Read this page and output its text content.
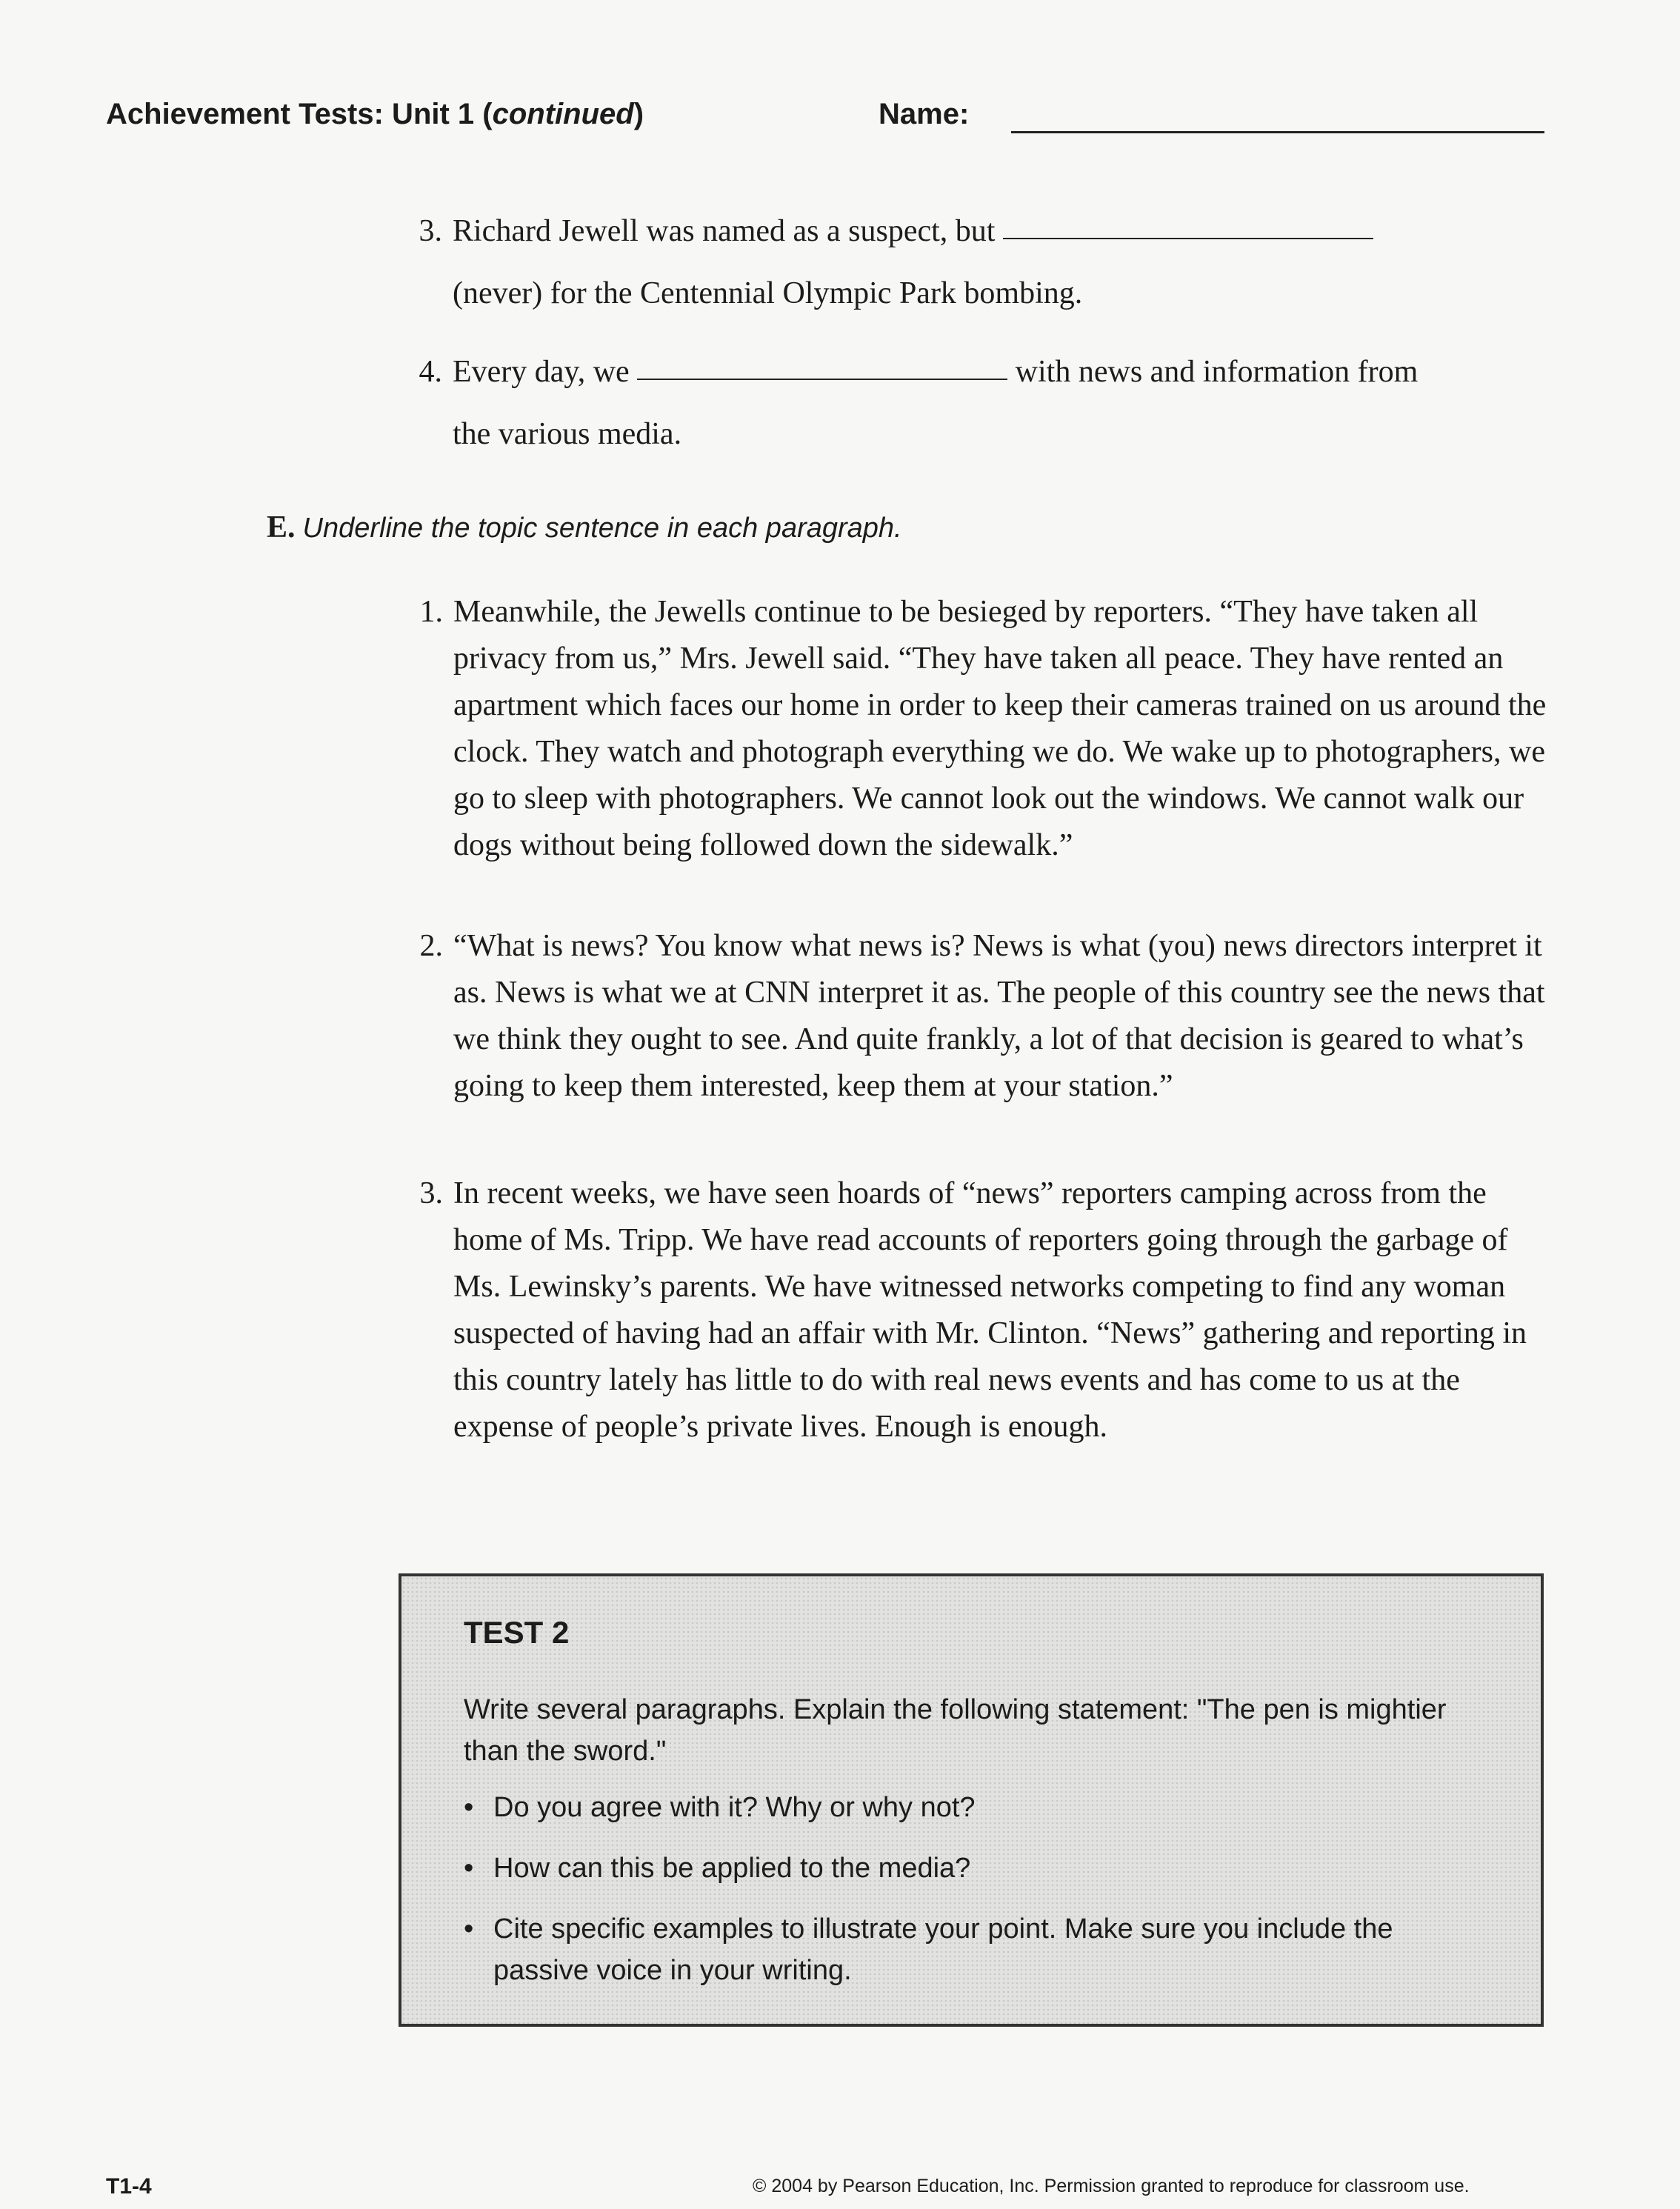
Achievement Tests: Unit 1 (continued)	Name:
3. Richard Jewell was named as a suspect, but
(never) for the Centennial Olympic Park bombing.
4. Every day, we	with news and information from
the various media.
E. Underline the topic sentence in each paragraph.
1. Meanwhile, the Jewells continue to be besieged by reporters. “They have taken all privacy from us,” Mrs. Jewell said. “They have taken all peace. They have rented an apartment which faces our home in order to keep their cameras trained on us around the clock. They watch and photograph everything we do. We wake up to photographers, we go to sleep with photographers. We cannot look out the windows. We cannot walk our dogs without being followed down the sidewalk.”
2. “What is news? You know what news is? News is what (you) news directors interpret it as. News is what we at CNN interpret it as. The people of this country see the news that we think they ought to see. And quite frankly, a lot of that decision is geared to what’s going to keep them interested, keep them at your station.”
3. In recent weeks, we have seen hoards of “news” reporters camping across from the home of Ms. Tripp. We have read accounts of reporters going through the garbage of Ms. Lewinsky’s parents. We have witnessed networks competing to find any woman suspected of having had an affair with Mr. Clinton. “News” gathering and reporting in this country lately has little to do with real news events and has come to us at the expense of people’s private lives. Enough is enough.
TEST 2
Write several paragraphs. Explain the following statement: "The pen is mightier than the sword."
• Do you agree with it? Why or why not?
• How can this be applied to the media?
• Cite specific examples to illustrate your point. Make sure you include the passive voice in your writing.
T1-4	© 2004 by Pearson Education, Inc. Permission granted to reproduce for classroom use.
